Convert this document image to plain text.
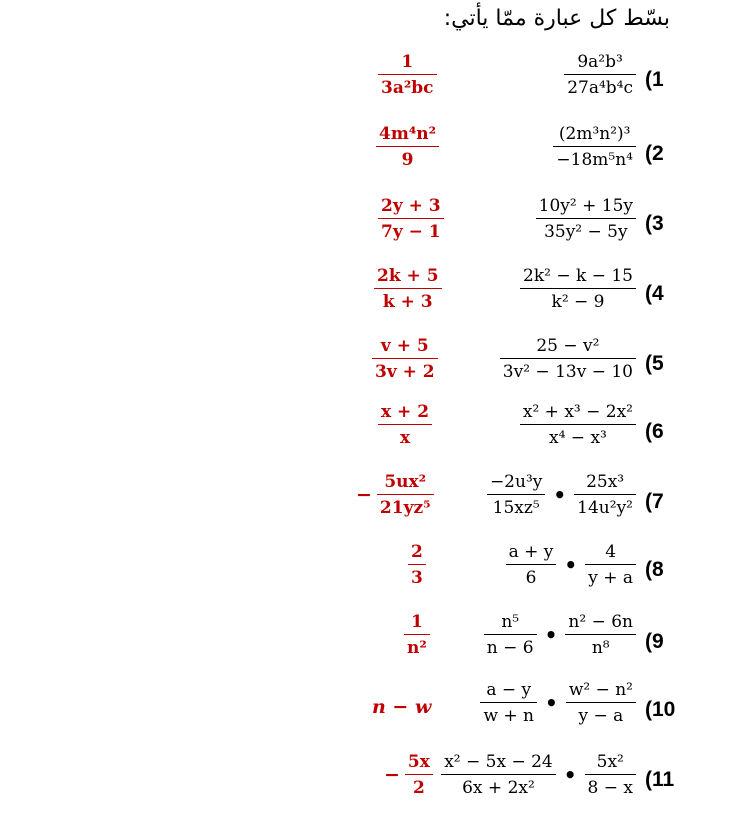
بسّط كل عبارة ممّا يأتي:
(1
$\frac{\text{9a²b³}}{\text{27a⁴b⁴c}}$
$\frac{1}{\text{3a²bc}}$
(2
$\frac{\text{(2m³n²)³}}{\text{−18m⁵n⁴}}$
$\frac{\text{4m⁴n²}}{9}$
(3
$\frac{\text{10y² + 15y}}{\text{35y² − 5y}}$
$\frac{2y + 3}{7y - 1}$
(4
$\frac{\text{2k² − k − 15}}{\text{k² − 9}}$
$\frac{2k + 5}{k + 3}$
(5
$\frac{\text{25 − v²}}{\text{3v² − 13v − 10}}$
$\frac{v + 5}{3v + 2}$
(6
$\frac{\text{x² + x³ − 2x²}}{\text{x⁴ − x³}}$
$\frac{x + 2}{x}$
(7
$\frac{\text{−2u³y}}{\text{15xz⁵}}$ • $\frac{\text{25x³}}{\text{14u²y²}}$
− $\frac{\text{5ux²}}{\text{21yz⁵}}$
(8
$\frac{a + y}{6}$ • $\frac{4}{y + a}$
$\frac{2}{3}$
(9
$\frac{\text{n⁵}}{n - 6}$ • $\frac{\text{n² − 6n}}{\text{n⁸}}$
$\frac{1}{\text{n²}}$
(10
$\frac{a - y}{w + n}$ • $\frac{\text{w² − n²}}{y - a}$
n − w
(11
$\frac{\text{x² − 5x − 24}}{\text{6x + 2x²}}$ • $\frac{\text{5x²}}{8 - x}$
− $\frac{5x}{2}$
